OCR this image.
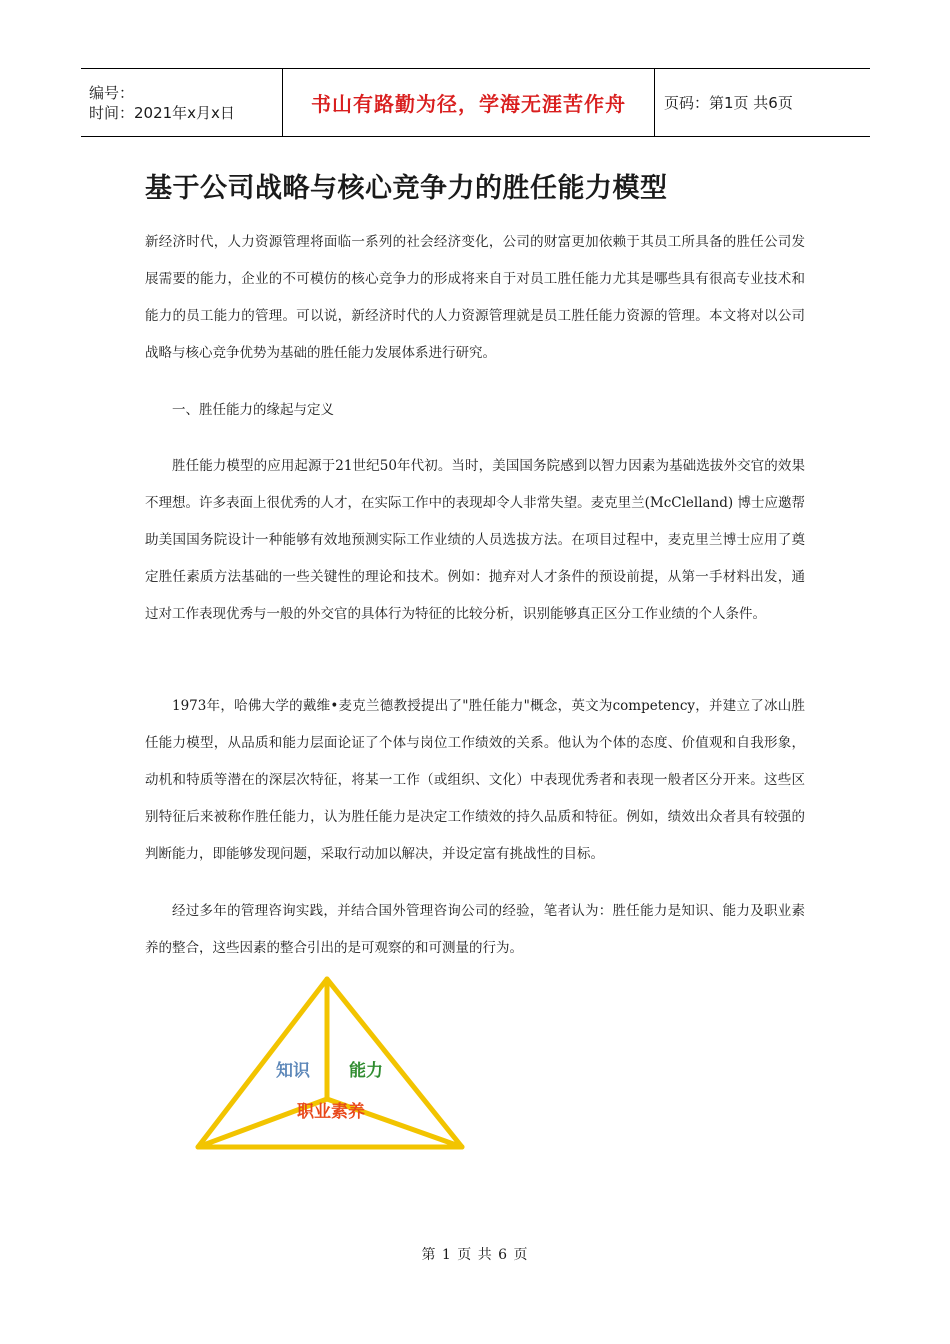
编号：
时间：2021年x月x日	书山有路勤为径，学海无涯苦作舟	页码：第1页 共6页
基于公司战略与核心竞争力的胜任能力模型
新经济时代，人力资源管理将面临一系列的社会经济变化，公司的财富更加依赖于其员工所具备的胜任公司发展需要的能力，企业的不可模仿的核心竞争力的形成将来自于对员工胜任能力尤其是哪些具有很高专业技术和能力的员工能力的管理。可以说，新经济时代的人力资源管理就是员工胜任能力资源的管理。本文将对以公司战略与核心竞争优势为基础的胜任能力发展体系进行研究。
一、胜任能力的缘起与定义
胜任能力模型的应用起源于21世纪50年代初。当时，美国国务院感到以智力因素为基础选拔外交官的效果不理想。许多表面上很优秀的人才，在实际工作中的表现却令人非常失望。麦克里兰(McClelland) 博士应邀帮助美国国务院设计一种能够有效地预测实际工作业绩的人员选拔方法。在项目过程中，麦克里兰博士应用了奠定胜任素质方法基础的一些关键性的理论和技术。例如：抛弃对人才条件的预设前提，从第一手材料出发，通过对工作表现优秀与一般的外交官的具体行为特征的比较分析，识别能够真正区分工作业绩的个人条件。
1973年，哈佛大学的戴维•麦克兰德教授提出了"胜任能力"概念，英文为competency，并建立了冰山胜任能力模型，从品质和能力层面论证了个体与岗位工作绩效的关系。他认为个体的态度、价值观和自我形象，动机和特质等潜在的深层次特征，将某一工作（或组织、文化）中表现优秀者和表现一般者区分开来。这些区别特征后来被称作胜任能力，认为胜任能力是决定工作绩效的持久品质和特征。例如，绩效出众者具有较强的判断能力，即能够发现问题，采取行动加以解决，并设定富有挑战性的目标。
经过多年的管理咨询实践，并结合国外管理咨询公司的经验，笔者认为：胜任能力是知识、能力及职业素养的整合，这些因素的整合引出的是可观察的和可测量的行为。
知识 能力
职业素养
第 1 页 共 6 页
